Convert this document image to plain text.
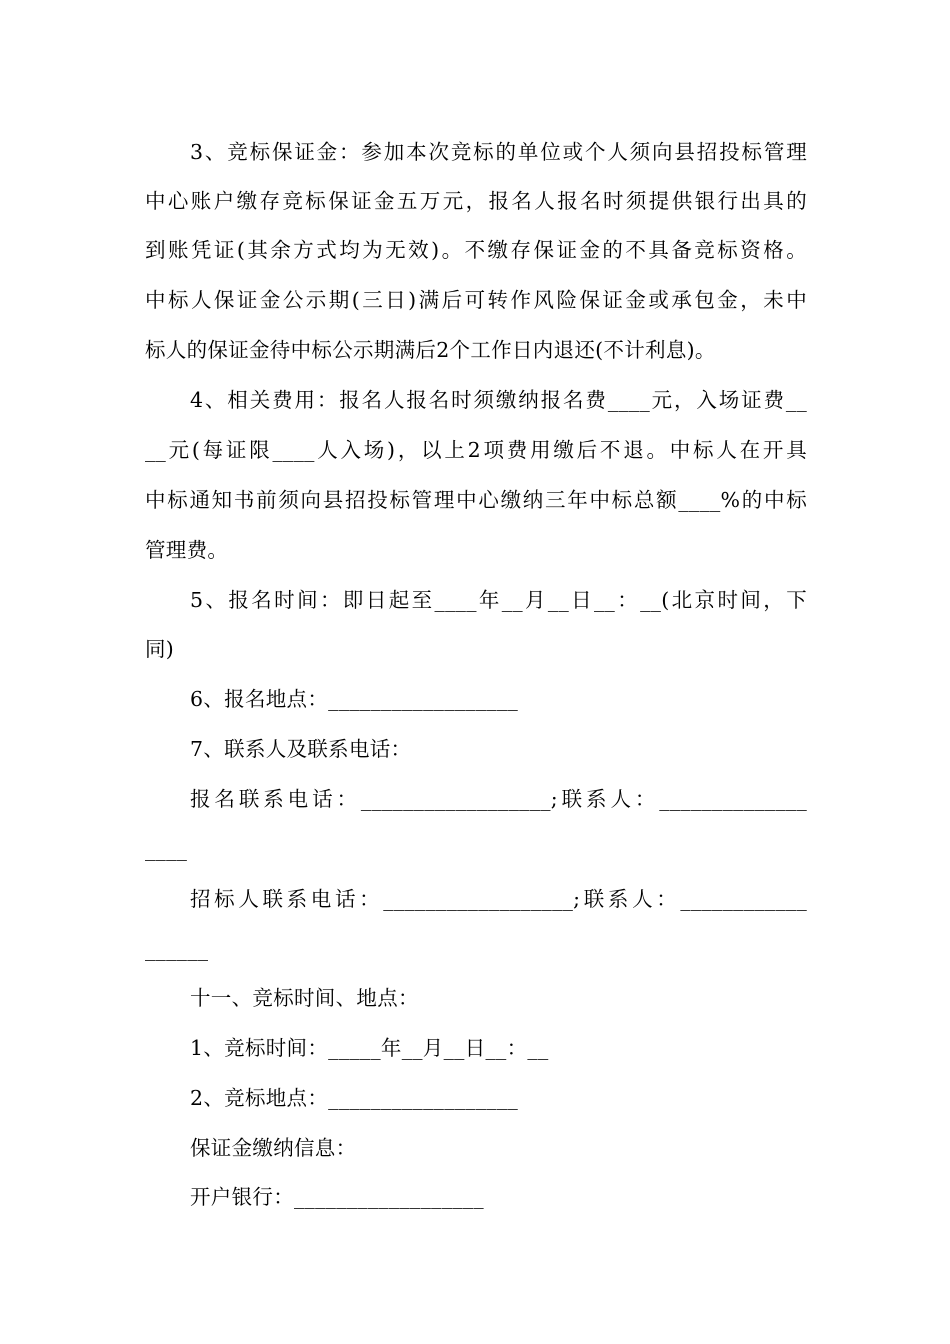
3、竞标保证金：参加本次竞标的单位或个人须向县招投标管理
中心账户缴存竞标保证金五万元，报名人报名时须提供银行出具的
到账凭证(其余方式均为无效)。不缴存保证金的不具备竞标资格。
中标人保证金公示期(三日)满后可转作风险保证金或承包金，未中
标人的保证金待中标公示期满后2个工作日内退还(不计利息)。
4、相关费用：报名人报名时须缴纳报名费____元，入场证费__
__元(每证限____人入场)，以上2项费用缴后不退。中标人在开具
中标通知书前须向县招投标管理中心缴纳三年中标总额____%的中标
管理费。
5、报名时间：即日起至____年__月__日__：__(北京时间，下
同)
6、报名地点：__________________
7、联系人及联系电话：
报名联系电话：__________________;联系人：______________
____
招标人联系电话：__________________;联系人：____________
______
十一、竞标时间、地点：
1、竞标时间：_____年__月__日__：__
2、竞标地点：__________________
保证金缴纳信息：
开户银行：__________________
